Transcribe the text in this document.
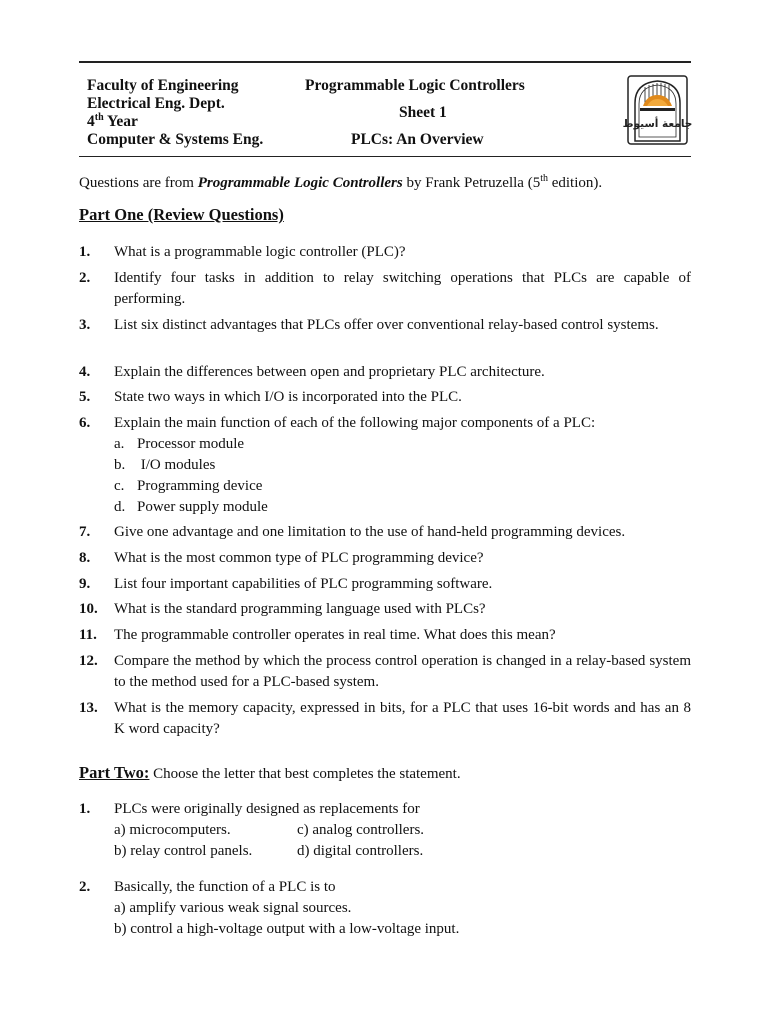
Faculty of Engineering
Electrical Eng. Dept.
4th Year
Computer & Systems Eng.
Programmable Logic Controllers
Sheet 1
PLCs: An Overview
جامعة أسيوط
Questions are from Programmable Logic Controllers by Frank Petruzella (5th edition).
Part One (Review Questions)
1. What is a programmable logic controller (PLC)?
2. Identify four tasks in addition to relay switching operations that PLCs are capable of performing.
3. List six distinct advantages that PLCs offer over conventional relay-based control systems.
4. Explain the differences between open and proprietary PLC architecture.
5. State two ways in which I/O is incorporated into the PLC.
6. Explain the main function of each of the following major components of a PLC:
a. Processor module
b. I/O modules
c. Programming device
d. Power supply module
7. Give one advantage and one limitation to the use of hand-held programming devices.
8. What is the most common type of PLC programming device?
9. List four important capabilities of PLC programming software.
10. What is the standard programming language used with PLCs?
11. The programmable controller operates in real time. What does this mean?
12. Compare the method by which the process control operation is changed in a relay-based system to the method used for a PLC-based system.
13. What is the memory capacity, expressed in bits, for a PLC that uses 16-bit words and has an 8 K word capacity?
Part Two: Choose the letter that best completes the statement.
1. PLCs were originally designed as replacements for
a) microcomputers.	c) analog controllers.
b) relay control panels.	d) digital controllers.
2. Basically, the function of a PLC is to
a) amplify various weak signal sources.
b) control a high-voltage output with a low-voltage input.
